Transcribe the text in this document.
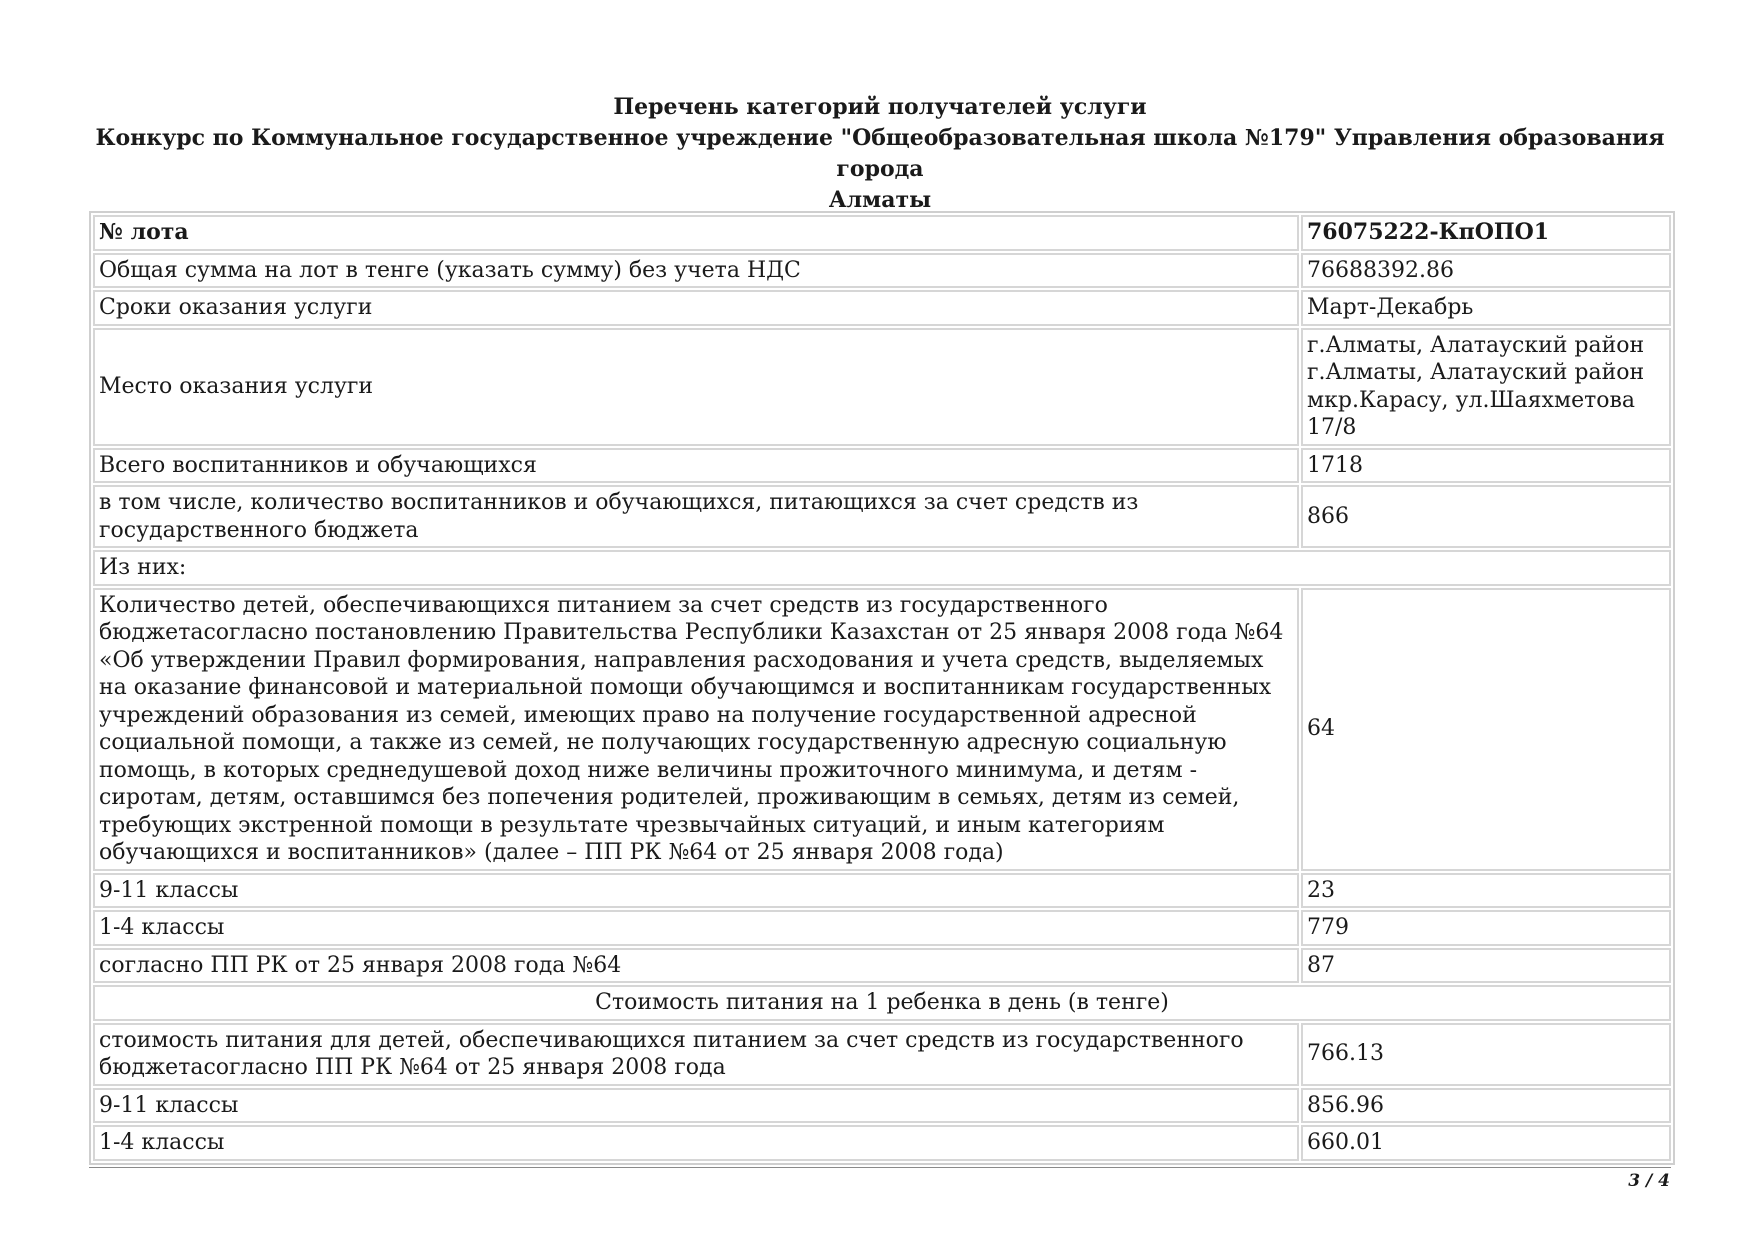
Перечень категорий получателей услуги
Конкурс по Коммунальное государственное учреждение "Общеобразовательная школа №179" Управления образования города
Алматы
№ лота	76075222-КпОПО1
Общая сумма на лот в тенге (указать сумму) без учета НДС	76688392.86
Сроки оказания услуги	Март-Декабрь
Место оказания услуги	г.Алматы, Алатауский район г.Алматы, Алатауский район мкр.Карасу, ул.Шаяхметова 17/8
Всего воспитанников и обучающихся	1718
в том числе, количество воспитанников и обучающихся, питающихся за счет средств из государственного бюджета	866
Из них:	
Количество детей, обеспечивающихся питанием за счет средств из государственного бюджетасогласно постановлению Правительства Республики Казахстан от 25 января 2008 года №64 «Об утверждении Правил формирования, направления расходования и учета средств, выделяемых на оказание финансовой и материальной помощи обучающимся и воспитанникам государственных учреждений образования из семей, имеющих право на получение государственной адресной социальной помощи, а также из семей, не получающих государственную адресную социальную помощь, в которых среднедушевой доход ниже величины прожиточного минимума, и детям - сиротам, детям, оставшимся без попечения родителей, проживающим в семьях, детям из семей, требующих экстренной помощи в результате чрезвычайных ситуаций, и иным категориям обучающихся и воспитанников» (далее – ПП РК №64 от 25 января 2008 года)	64
9-11 классы	23
1-4 классы	779
согласно ПП РК от 25 января 2008 года №64	87
Стоимость питания на 1 ребенка в день (в тенге)	
стоимость питания для детей, обеспечивающихся питанием за счет средств из государственного бюджетасогласно ПП РК №64 от 25 января 2008 года	766.13
9-11 классы	856.96
1-4 классы	660.01
3 / 4
